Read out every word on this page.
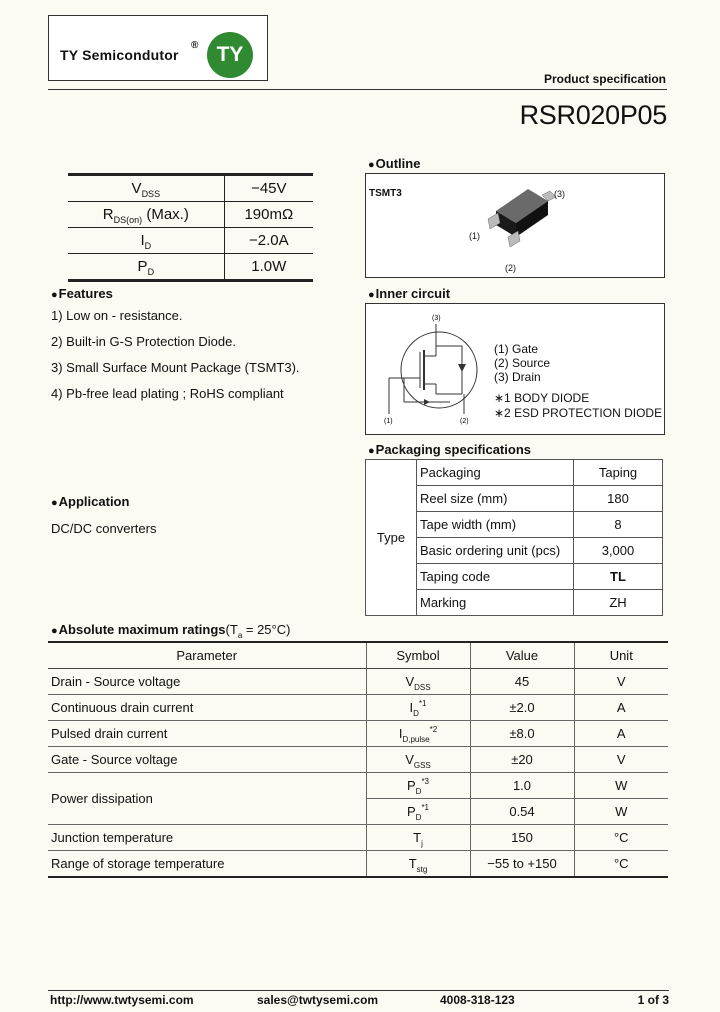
TY Semicondutor
® TY
Product specification
RSR020P05
$V_{DSS}$	−45V
$R_{DS(on)}$ (Max.)	190mΩ
$I_D$	−2.0A
$P_D$	1.0W
● Outline
TSMT3
(1)
(2)
(3)
● Features
1) Low on - resistance.
2) Built-in G-S Protection Diode.
3) Small Surface Mount Package (TSMT3).
4) Pb-free lead plating ; RoHS compliant
● Inner circuit
(3)
(1)	(2)
(1) Gate
(2) Source
(3) Drain
∗1 BODY DIODE
∗2 ESD PROTECTION DIODE
● Packaging specifications
Type	Packaging	Taping
	Reel size (mm)	180
	Tape width (mm)	8
	Basic ordering unit (pcs)	3,000
	Taping code	TL
	Marking	ZH
● Application
DC/DC converters
● Absolute maximum $ratings(T_a = 25^\circ C)$
Parameter	Symbol	Value	Unit
Drain - Source voltage	$V_{DSS}$	45	V
Continuous drain current	$I_D^{*1}$	±2.0	A
Pulsed drain current	$I_{D,pulse}^{*2}$	±8.0	A
Gate - Source voltage	$V_{GSS}$	±20	V
Power dissipation	$P_D^{*3}$	1.0	W
	$P_D^{*1}$	0.54	W
Junction temperature	$T_j$	150	°C
Range of storage temperature	$T_{stg}$	−55 to +150	°C
http://www.twtysemi.com	sales@twtysemi.com	4008-318-123	1 of 3
